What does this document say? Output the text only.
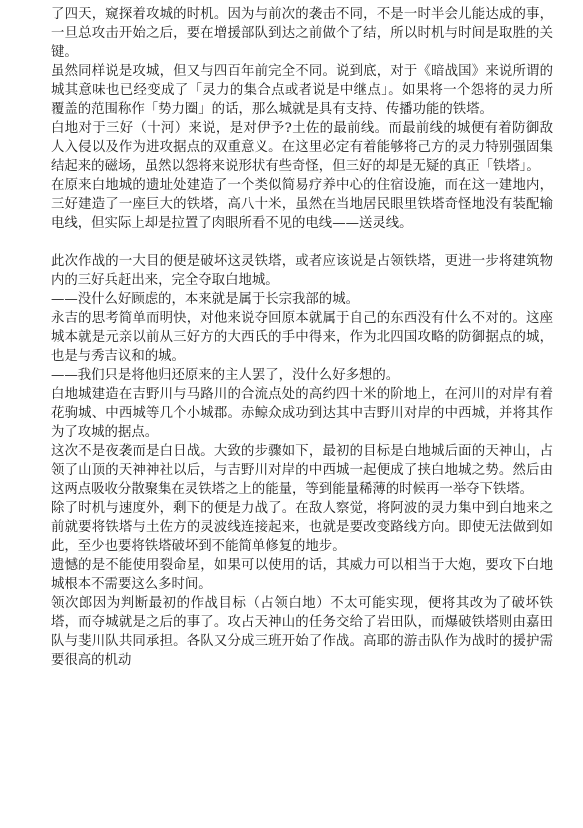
了四天，窥探着攻城的时机。因为与前次的袭击不同，不是一时半会儿能达成的事，一旦总攻击开始之后，要在增援部队到达之前做个了结，所以时机与时间是取胜的关键。

虽然同样说是攻城，但又与四百年前完全不同。说到底，对于《暗战国》来说所谓的城其意味也已经变成了「灵力的集合点或者说是中继点」。如果将一个怨将的灵力所覆盖的范围称作「势力圈」的话，那么城就是具有支持、传播功能的铁塔。

白地对于三好（十河）来说，是对伊予?土佐的最前线。而最前线的城便有着防御敌人入侵以及作为进攻据点的双重意义。在这里必定有着能够将己方的灵力特别强固集结起来的磁场，虽然以怨将来说形状有些奇怪，但三好的却是无疑的真正「铁塔」。

在原来白地城的遗址处建造了一个类似简易疗养中心的住宿设施，而在这一建地内，三好建造了一座巨大的铁塔，高八十米，虽然在当地居民眼里铁塔奇怪地没有装配输电线，但实际上却是拉置了肉眼所看不见的电线——送灵线。

此次作战的一大目的便是破坏这灵铁塔，或者应该说是占领铁塔，更进一步将建筑物内的三好兵赶出来，完全夺取白地城。

——没什么好顾虑的，本来就是属于长宗我部的城。

永吉的思考简单而明快，对他来说夺回原本就属于自己的东西没有什么不对的。这座城本就是元亲以前从三好方的大西氏的手中得来，作为北四国攻略的防御据点的城，也是与秀吉议和的城。

——我们只是将他归还原来的主人罢了，没什么好多想的。

白地城建造在吉野川与马路川的合流点处的高约四十米的阶地上，在河川的对岸有着花驹城、中西城等几个小城郡。赤鲸众成功到达其中吉野川对岸的中西城，并将其作为了攻城的据点。

这次不是夜袭而是白日战。大致的步骤如下，最初的目标是白地城后面的天神山，占领了山顶的天神神社以后，与吉野川对岸的中西城一起便成了挟白地城之势。然后由这两点吸收分散聚集在灵铁塔之上的能量，等到能量稀薄的时候再一举夺下铁塔。

除了时机与速度外，剩下的便是力战了。在敌人察觉，将阿波的灵力集中到白地来之前就要将铁塔与土佐方的灵波线连接起来，也就是要改变路线方向。即使无法做到如此，至少也要将铁塔破坏到不能简单修复的地步。

遗憾的是不能使用裂命星，如果可以使用的话，其威力可以相当于大炮，要攻下白地城根本不需要这么多时间。

领次郎因为判断最初的作战目标（占领白地）不太可能实现，便将其改为了破坏铁塔，而夺城就是之后的事了。攻占天神山的任务交给了岩田队，而爆破铁塔则由嘉田队与斐川队共同承担。各队又分成三班开始了作战。高耶的游击队作为战时的援护需要很高的机动
